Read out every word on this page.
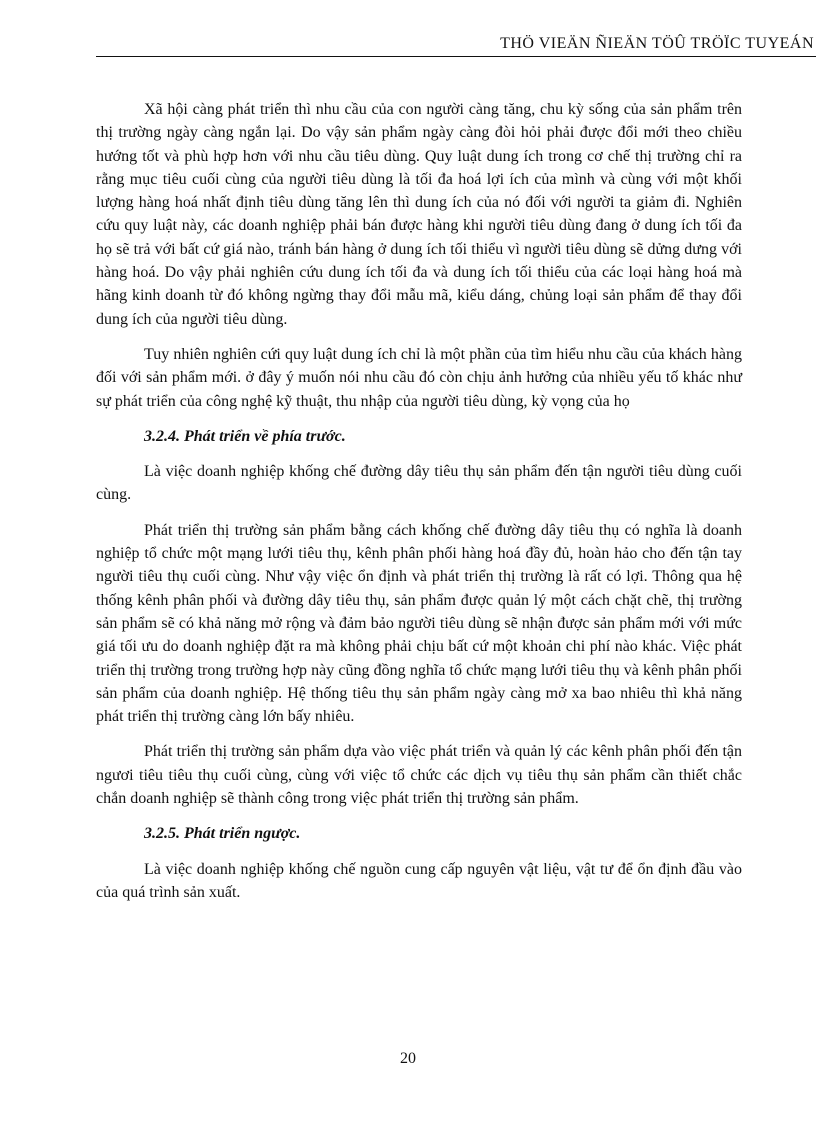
THÖ VIEÄN ÑIEÄN TÖÛ TRÖÏC TUYEÁN

Xã hội càng phát triển thì nhu cầu của con người càng tăng, chu kỳ sống của sản phẩm trên thị trường ngày càng ngắn lại. Do vậy sản phẩm ngày càng đòi hỏi phải được đổi mới theo chiều hướng tốt và phù hợp hơn với nhu cầu tiêu dùng. Quy luật dung ích trong cơ chế thị trường chỉ ra rằng mục tiêu cuối cùng của người tiêu dùng là tối đa hoá lợi ích của mình và cùng với một khối lượng hàng hoá nhất định tiêu dùng tăng lên thì dung ích của nó đối với người ta giảm đi. Nghiên cứu quy luật này, các doanh nghiệp phải bán được hàng khi người tiêu dùng đang ở dung ích tối đa họ sẽ trả với bất cứ giá nào, tránh bán hàng ở dung ích tối thiểu vì người tiêu dùng sẽ dửng dưng với hàng hoá. Do vậy phải nghiên cứu dung ích tối đa và dung ích tối thiểu của các loại hàng hoá mà hãng kinh doanh từ đó không ngừng thay đổi mẫu mã, kiểu dáng, chủng loại sản phẩm để thay đổi dung ích của người tiêu dùng.

Tuy nhiên nghiên cứi quy luật dung ích chỉ là một phần của tìm hiểu nhu cầu của khách hàng đối với sản phẩm mới. ở đây ý muốn nói nhu cầu đó còn chịu ảnh hưởng của nhiều yếu tố khác như sự phát triển của công nghệ kỹ thuật, thu nhập của người tiêu dùng, kỳ vọng của họ

3.2.4. Phát triển về phía trước.

Là việc doanh nghiệp khống chế đường dây tiêu thụ sản phẩm đến tận người tiêu dùng cuối cùng.

Phát triển thị trường sản phẩm bằng cách khống chế đường dây tiêu thụ có nghĩa là doanh nghiệp tổ chức một mạng lưới tiêu thụ, kênh phân phối hàng hoá đầy đủ, hoàn hảo cho đến tận tay người tiêu thụ cuối cùng. Như vậy việc ổn định và phát triển thị trường là rất có lợi. Thông qua hệ thống kênh phân phối và đường dây tiêu thụ, sản phẩm được quản lý một cách chặt chẽ, thị trường sản phẩm sẽ có khả năng mở rộng và đảm bảo người tiêu dùng sẽ nhận được sản phẩm mới với mức giá tối ưu do doanh nghiệp đặt ra mà không phải chịu bất cứ một khoản chi phí nào khác. Việc phát triển thị trường trong trường hợp này cũng đồng nghĩa tổ chức mạng lưới tiêu thụ và kênh phân phối sản phẩm của doanh nghiệp. Hệ thống tiêu thụ sản phẩm ngày càng mở xa bao nhiêu thì khả năng phát triển thị trường càng lớn bấy nhiêu.

Phát triển thị trường sản phẩm dựa vào việc phát triển và quản lý các kênh phân phối đến tận ngươi tiêu tiêu thụ cuối cùng, cùng với việc tổ chức các dịch vụ tiêu thụ sản phẩm cần thiết chắc chắn doanh nghiệp sẽ thành công trong việc phát triển thị trường sản phẩm.

3.2.5. Phát triển ngược.

Là việc doanh nghiệp khống chế nguồn cung cấp nguyên vật liệu, vật tư để ổn định đầu vào của quá trình sản xuất.

20
